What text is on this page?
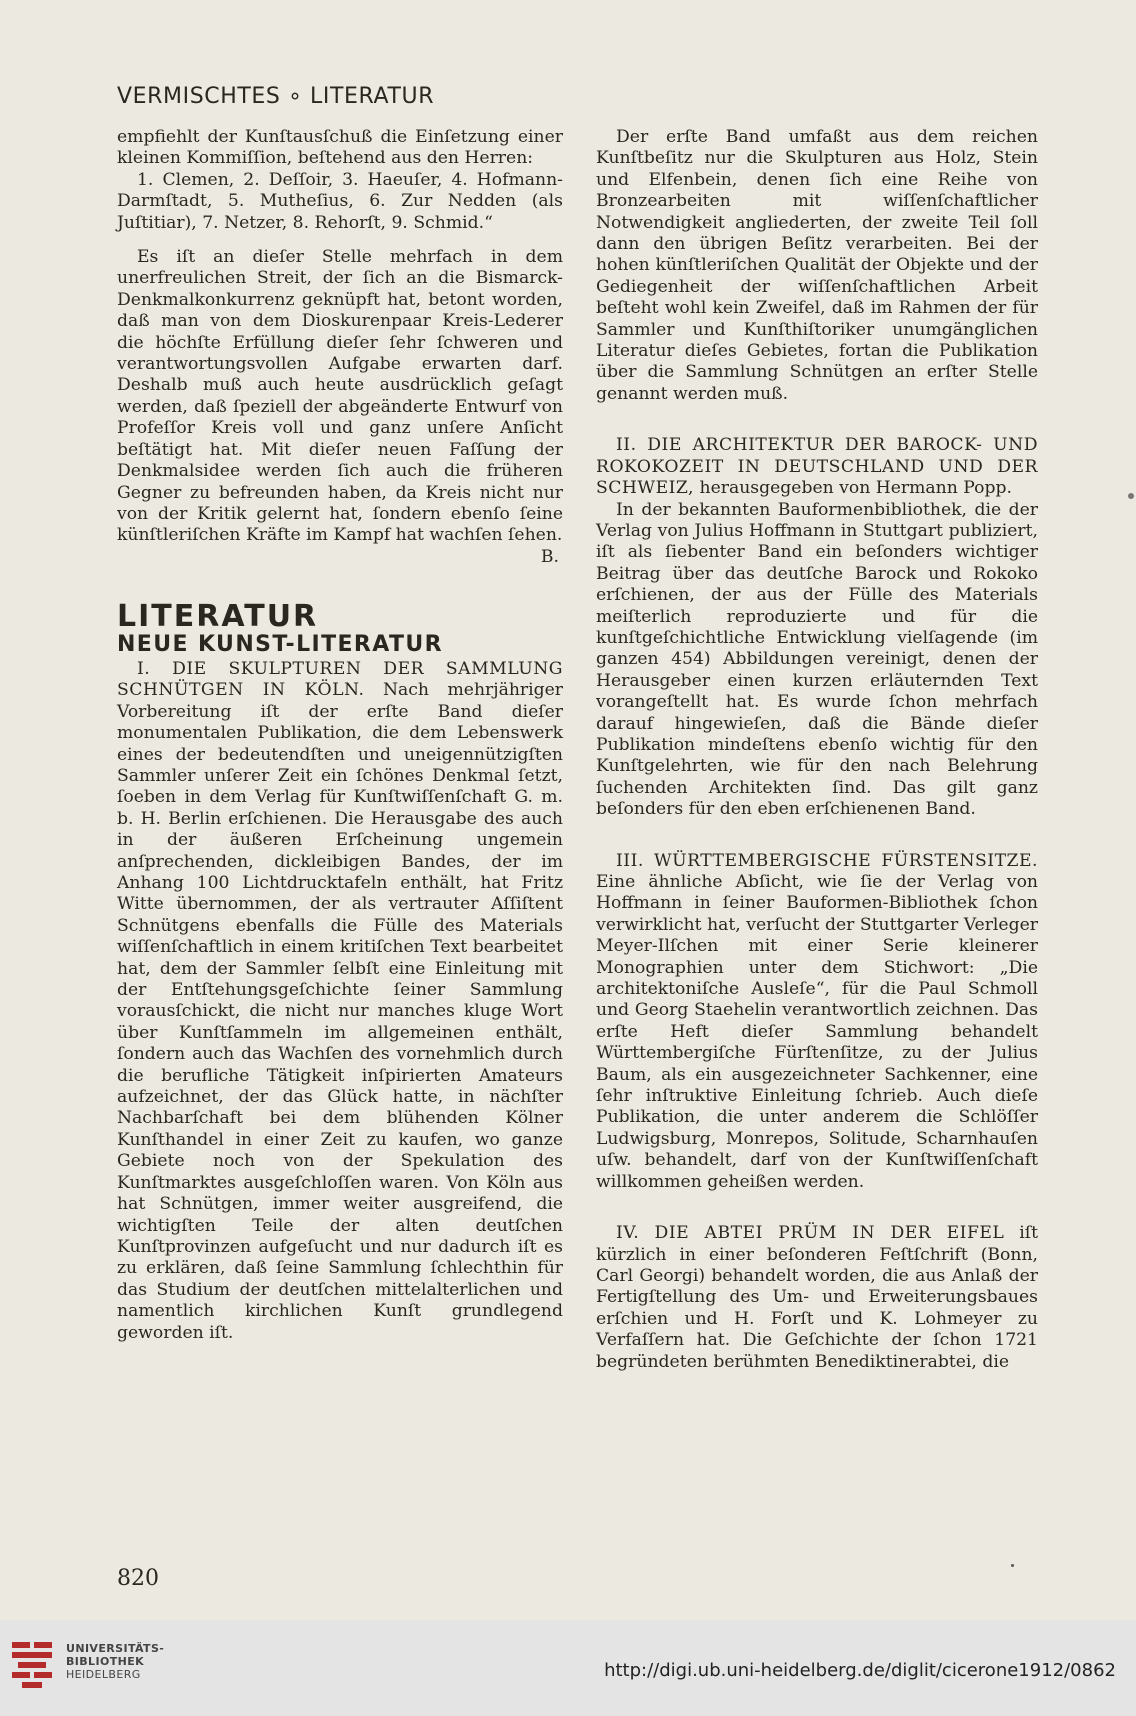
VERMISCHTES ∘ LITERATUR

empfiehlt der Kunſtausſchuß die Einſetzung einer kleinen Kommiſſion, beſtehend aus den Herren:

1. Clemen, 2. Deſſoir, 3. Haeuſer, 4. Hofmann-Darmſtadt, 5. Mutheſius, 6. Zur Nedden (als Juſtitiar), 7. Netzer, 8. Rehorſt, 9. Schmid.“

Es iſt an dieſer Stelle mehrfach in dem unerfreulichen Streit, der ſich an die Bismarck-Denkmalkonkurrenz geknüpft hat, betont worden, daß man von dem Dioskurenpaar Kreis-Lederer die höchſte Erfüllung dieſer ſehr ſchweren und verantwortungsvollen Aufgabe erwarten darf. Deshalb muß auch heute ausdrücklich geſagt werden, daß ſpeziell der abgeänderte Entwurf von Profeſſor Kreis voll und ganz unſere Anſicht beſtätigt hat. Mit dieſer neuen Faſſung der Denkmalsidee werden ſich auch die früheren Gegner zu befreunden haben, da Kreis nicht nur von der Kritik gelernt hat, ſondern ebenſo ſeine künſtleriſchen Kräfte im Kampf hat wachſen ſehen.

B.

LITERATUR
NEUE KUNST-LITERATUR

I. DIE SKULPTUREN DER SAMMLUNG SCHNÜTGEN IN KÖLN. Nach mehrjähriger Vorbereitung iſt der erſte Band dieſer monumentalen Publikation, die dem Lebenswerk eines der bedeutendſten und uneigennützigſten Sammler unſerer Zeit ein ſchönes Denkmal ſetzt, ſoeben in dem Verlag für Kunſtwiſſenſchaft G. m. b. H. Berlin erſchienen. Die Herausgabe des auch in der äußeren Erſcheinung ungemein anſprechenden, dickleibigen Bandes, der im Anhang 100 Lichtdrucktafeln enthält, hat Fritz Witte übernommen, der als vertrauter Aſſiſtent Schnütgens ebenfalls die Fülle des Materials wiſſenſchaftlich in einem kritiſchen Text bearbeitet hat, dem der Sammler ſelbſt eine Einleitung mit der Entſtehungsgeſchichte ſeiner Sammlung vorausſchickt, die nicht nur manches kluge Wort über Kunſtſammeln im allgemeinen enthält, ſondern auch das Wachſen des vornehmlich durch die berufliche Tätigkeit inſpirierten Amateurs aufzeichnet, der das Glück hatte, in nächſter Nachbarſchaft bei dem blühenden Kölner Kunſthandel in einer Zeit zu kaufen, wo ganze Gebiete noch von der Spekulation des Kunſtmarktes ausgeſchloſſen waren. Von Köln aus hat Schnütgen, immer weiter ausgreifend, die wichtigſten Teile der alten deutſchen Kunſtprovinzen aufgeſucht und nur dadurch iſt es zu erklären, daß ſeine Sammlung ſchlechthin für das Studium der deutſchen mittelalterlichen und namentlich kirchlichen Kunſt grundlegend geworden iſt.

Der erſte Band umfaßt aus dem reichen Kunſtbeſitz nur die Skulpturen aus Holz, Stein und Elfenbein, denen ſich eine Reihe von Bronzearbeiten mit wiſſenſchaftlicher Notwendigkeit angliederten, der zweite Teil ſoll dann den übrigen Beſitz verarbeiten. Bei der hohen künſtleriſchen Qualität der Objekte und der Gediegenheit der wiſſenſchaftlichen Arbeit beſteht wohl kein Zweifel, daß im Rahmen der für Sammler und Kunſthiſtoriker unumgänglichen Literatur dieſes Gebietes, fortan die Publikation über die Sammlung Schnütgen an erſter Stelle genannt werden muß.

II. DIE ARCHITEKTUR DER BAROCK- UND ROKOKOZEIT IN DEUTSCHLAND UND DER SCHWEIZ, herausgegeben von Hermann Popp.

In der bekannten Bauformenbibliothek, die der Verlag von Julius Hoffmann in Stuttgart publiziert, iſt als ſiebenter Band ein beſonders wichtiger Beitrag über das deutſche Barock und Rokoko erſchienen, der aus der Fülle des Materials meiſterlich reproduzierte und für die kunſtgeſchichtliche Entwicklung vielſagende (im ganzen 454) Abbildungen vereinigt, denen der Herausgeber einen kurzen erläuternden Text vorangeſtellt hat. Es wurde ſchon mehrfach darauf hingewieſen, daß die Bände dieſer Publikation mindeſtens ebenſo wichtig für den Kunſtgelehrten, wie für den nach Belehrung ſuchenden Architekten ſind. Das gilt ganz beſonders für den eben erſchienenen Band.

III. WÜRTTEMBERGISCHE FÜRSTENSITZE. Eine ähnliche Abſicht, wie ſie der Verlag von Hoffmann in ſeiner Bauformen-Bibliothek ſchon verwirklicht hat, verſucht der Stuttgarter Verleger Meyer-Ilſchen mit einer Serie kleinerer Monographien unter dem Stichwort: „Die architektoniſche Ausleſe“, für die Paul Schmoll und Georg Staehelin verantwortlich zeichnen. Das erſte Heft dieſer Sammlung behandelt Württembergiſche Fürſtenſitze, zu der Julius Baum, als ein ausgezeichneter Sachkenner, eine ſehr inſtruktive Einleitung ſchrieb. Auch dieſe Publikation, die unter anderem die Schlöſſer Ludwigsburg, Monrepos, Solitude, Scharnhauſen uſw. behandelt, darf von der Kunſtwiſſenſchaft willkommen geheißen werden.

IV. DIE ABTEI PRÜM IN DER EIFEL iſt kürzlich in einer beſonderen Feſtſchrift (Bonn, Carl Georgi) behandelt worden, die aus Anlaß der Fertigſtellung des Um- und Erweiterungsbaues erſchien und H. Forſt und K. Lohmeyer zu Verfaſſern hat. Die Geſchichte der ſchon 1721 begründeten berühmten Benediktinerabtei, die

820
UNIVERSITÄTS-
BIBLIOTHEK
HEIDELBERG	http://digi.ub.uni-heidelberg.de/diglit/cicerone1912/0862
